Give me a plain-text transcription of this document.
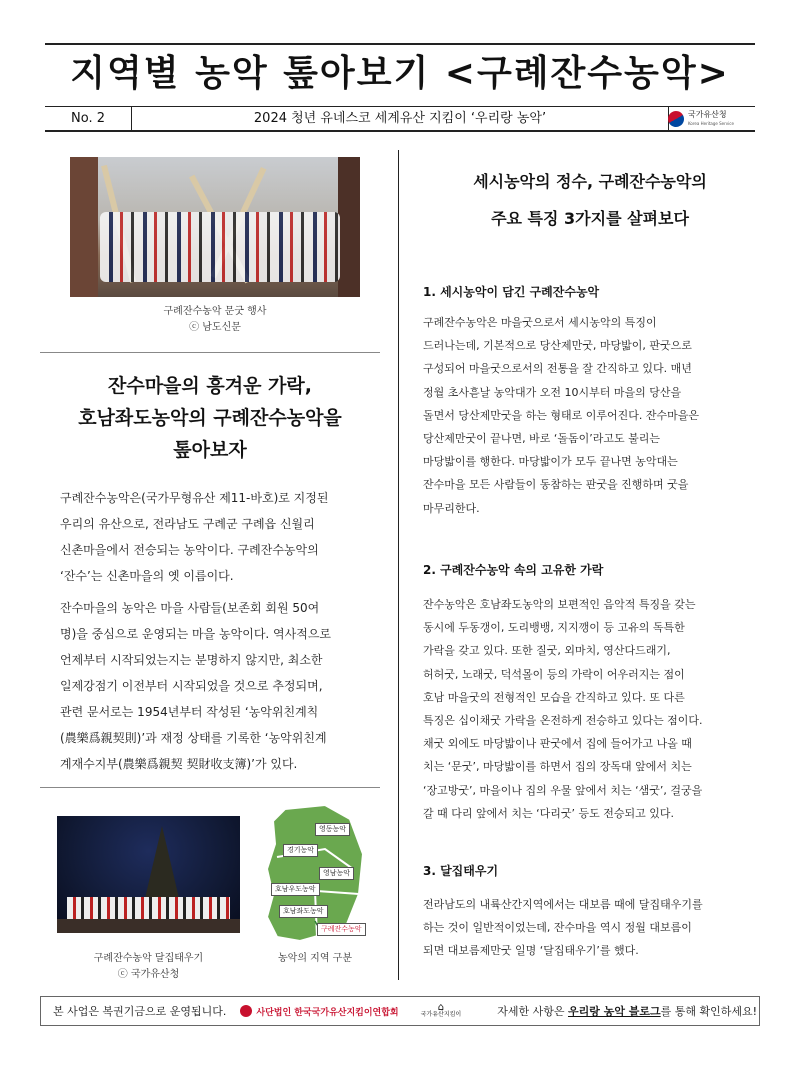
지역별 농악 톺아보기 <구례잔수농악>
No. 2	2024 청년 유네스코 세계유산 지킴이 ‘우리랑 농악’	국가유산청
Korea Heritage Service
구례잔수농악 문굿 행사
ⓒ 남도신문
잔수마을의 흥겨운 가락,
호남좌도농악의 구례잔수농악을
톺아보자
구례잔수농악은(국가무형유산 제11-바호)로 지정된
우리의 유산으로, 전라남도 구례군 구례읍 신월리
신촌마을에서 전승되는 농악이다. 구례잔수농악의
‘잔수’는 신촌마을의 옛 이름이다.
잔수마을의 농악은 마을 사람들(보존회 회원 50여
명)을 중심으로 운영되는 마을 농악이다. 역사적으로
언제부터 시작되었는지는 분명하지 않지만, 최소한
일제강점기 이전부터 시작되었을 것으로 추정되며,
관련 문서로는 1954년부터 작성된 ‘농악위친계칙
(農樂爲親契則)’과 재정 상태를 기록한 ‘농악위친계
계재수지부(農樂爲親契 契財收支簿)’가 있다.
구례잔수농악 달집태우기
ⓒ 국가유산청
영동농악
경기농악
영남농악
호남우도농악
호남좌도농악
구례잔수농악
농악의 지역 구분
세시농악의 정수, 구례잔수농악의
주요 특징 3가지를 살펴보다
1. 세시농악이 담긴 구례잔수농악
구례잔수농악은 마을굿으로서 세시농악의 특징이
드러나는데, 기본적으로 당산제만굿, 마당밟이, 판굿으로
구성되어 마을굿으로서의 전통을 잘 간직하고 있다. 매년
정월 초사흗날 농악대가 오전 10시부터 마을의 당산을
돌면서 당산제만굿을 하는 형태로 이루어진다. 잔수마을은
당산제만굿이 끝나면, 바로 ‘돌돔이’라고도 불리는
마당밟이를 행한다. 마당밟이가 모두 끝나면 농악대는
잔수마을 모든 사람들이 동참하는 판굿을 진행하며 굿을
마무리한다.
2. 구례잔수농악 속의 고유한 가락
잔수농악은 호남좌도농악의 보편적인 음악적 특징을 갖는
동시에 두동갱이, 도리뱅뱅, 지지깽이 등 고유의 독특한
가락을 갖고 있다. 또한 질굿, 외마치, 영산다드래기,
허허굿, 노래굿, 덕석몰이 등의 가락이 어우러지는 점이
호남 마을굿의 전형적인 모습을 간직하고 있다. 또 다른
특징은 십이채굿 가락을 온전하게 전승하고 있다는 점이다.
채굿 외에도 마당밟이나 판굿에서 집에 들어가고 나올 때
치는 ‘문굿’, 마당밟이를 하면서 집의 장독대 앞에서 치는
‘장고방굿’, 마을이나 집의 우물 앞에서 치는 ‘샘굿’, 걸궁을
갈 때 다리 앞에서 치는 ‘다리굿’ 등도 전승되고 있다.
3. 달집태우기
전라남도의 내륙산간지역에서는 대보름 때에 달집태우기를
하는 것이 일반적이었는데, 잔수마을 역시 정월 대보름이
되면 대보름제만굿 일명 ‘달집태우기’를 했다.
본 사업은 복권기금으로 운영됩니다.	사단법인 한국국가유산지킴이연합회	⌂
국가유산지킴이	자세한 사항은 우리랑 농악 블로그를 통해 확인하세요!
